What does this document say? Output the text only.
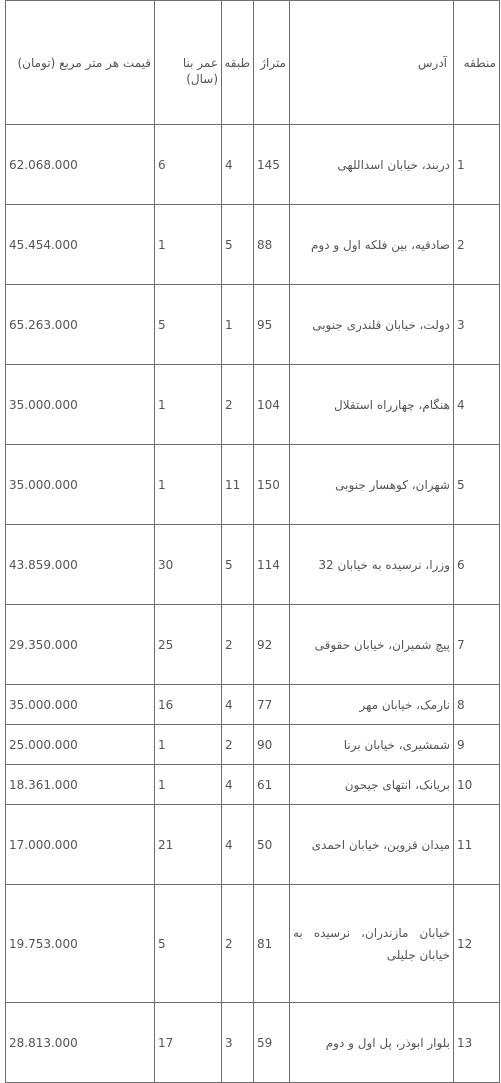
منطقه	آدرس	متراژ	طبقه	عمر بنا (سال)	قیمت هر متر مربع (تومان)
1	دربند، خیابان اسداللهی	145	4	6	62.068.000
2	صادقیه، بین فلکه اول و دوم	88	5	1	45.454.000
3	دولت، خیابان قلندری جنوبی	95	1	5	65.263.000
4	هنگام، چهارراه استقلال	104	2	1	35.000.000
5	شهران، کوهسار جنوبی	150	11	1	35.000.000
6	وزرا، نرسیده به خیابان 32	114	5	30	43.859.000
7	پیچ شمیران، خیابان حقوقی	92	2	25	29.350.000
8	نارمک، خیابان مهر	77	4	16	35.000.000
9	شمشیری، خیابان برنا	90	2	1	25.000.000
10	بریانک، انتهای جیحون	61	4	1	18.361.000
11	میدان قزوین، خیابان احمدی	50	4	21	17.000.000
12	خیابان مازندران، نرسیده به خیابان جلیلی	81	2	5	19.753.000
13	بلوار ابوذر، پل اول و دوم	59	3	17	28.813.000
